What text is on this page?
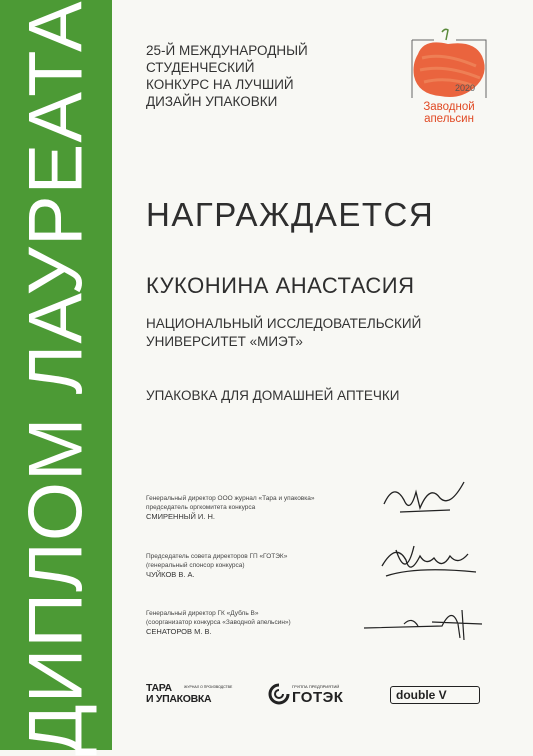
ДИПЛОМ ЛАУРЕАТА	25-Й МЕЖДУНАРОДНЫЙ
СТУДЕНЧЕСКИЙ
КОНКУРС НА ЛУЧШИЙ
ДИЗАЙН УПАКОВКИ
2020
Заводной
апельсин
НАГРАЖДАЕТСЯ
КУКОНИНА АНАСТАСИЯ
НАЦИОНАЛЬНЫЙ ИССЛЕДОВАТЕЛЬСКИЙ
УНИВЕРСИТЕТ «МИЭТ»
УПАКОВКА ДЛЯ ДОМАШНЕЙ АПТЕЧКИ
Генеральный директор ООО журнал «Тара и упаковка»
председатель оргкомитета конкурса
СМИРЕННЫЙ И. Н.
Председатель совета директоров ГП «ГОТЭК»
(генеральный спонсор конкурса)
ЧУЙКОВ В. А.
Генеральный директор ГК «Дубль В»
(соорганизатор конкурса «Заводной апельсин»)
СЕНАТОРОВ М. В.
ТАРА	ЖУРНАЛ О ПРОИЗВОДСТВЕ
И УПАКОВКА
ГРУППА ПРЕДПРИЯТИЙ
ГОТЭК	double V
